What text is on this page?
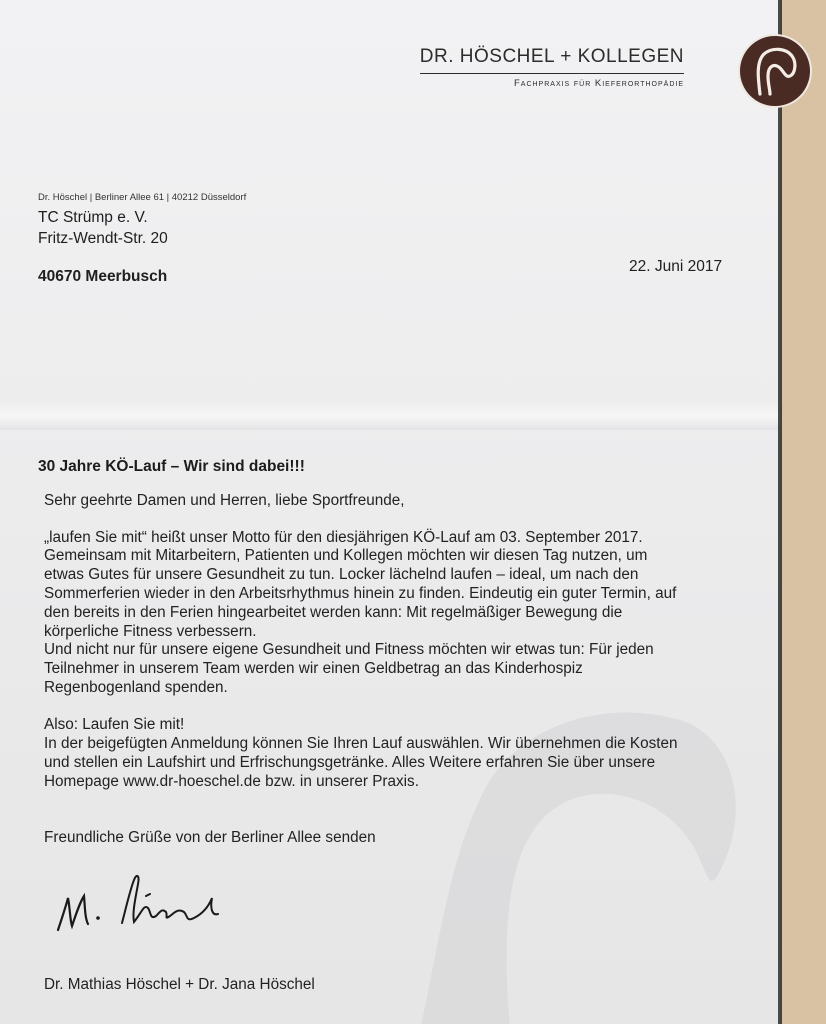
DR. HÖSCHEL + KOLLEGEN
Fachpraxis für Kieferorthopädie
Dr. Höschel | Berliner Allee 61 | 40212 Düsseldorf
TC Strümp e. V.
Fritz-Wendt-Str. 20
40670 Meerbusch
22. Juni 2017
30 Jahre KÖ-Lauf – Wir sind dabei!!!
Sehr geehrte Damen und Herren, liebe Sportfreunde,
„laufen Sie mit“ heißt unser Motto für den diesjährigen KÖ-Lauf am 03. September 2017.
Gemeinsam mit Mitarbeitern, Patienten und Kollegen möchten wir diesen Tag nutzen, um
etwas Gutes für unsere Gesundheit zu tun. Locker lächelnd laufen – ideal, um nach den
Sommerferien wieder in den Arbeitsrhythmus hinein zu finden. Eindeutig ein guter Termin, auf
den bereits in den Ferien hingearbeitet werden kann: Mit regelmäßiger Bewegung die
körperliche Fitness verbessern.
Und nicht nur für unsere eigene Gesundheit und Fitness möchten wir etwas tun: Für jeden
Teilnehmer in unserem Team werden wir einen Geldbetrag an das Kinderhospiz
Regenbogenland spenden.
Also: Laufen Sie mit!
In der beigefügten Anmeldung können Sie Ihren Lauf auswählen. Wir übernehmen die Kosten
und stellen ein Laufshirt und Erfrischungsgetränke. Alles Weitere erfahren Sie über unsere
Homepage www.dr-hoeschel.de bzw. in unserer Praxis.
Freundliche Grüße von der Berliner Allee senden
Dr. Mathias Höschel + Dr. Jana Höschel
